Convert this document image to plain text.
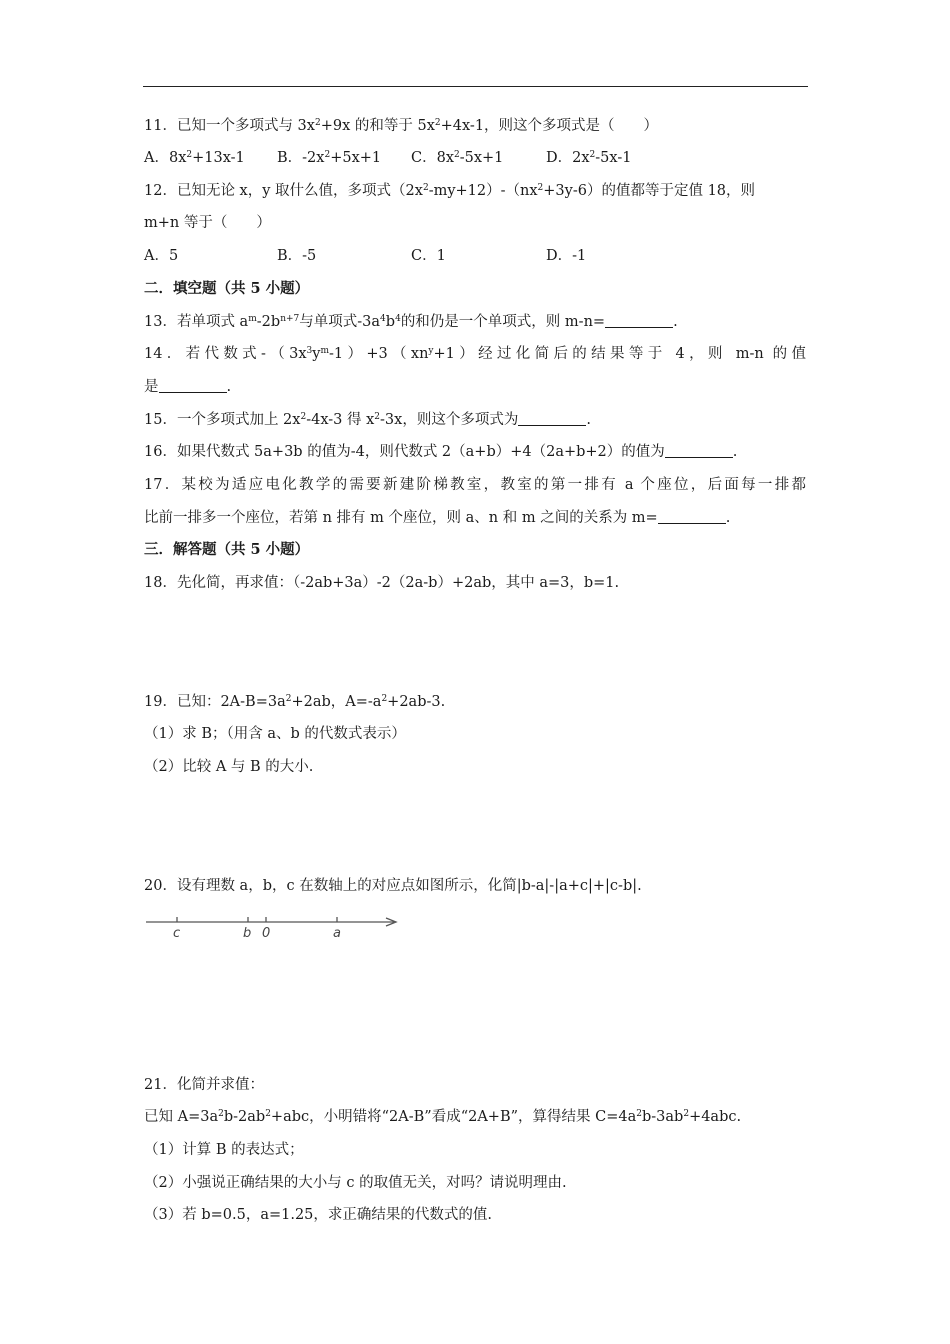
11．已知一个多项式与 $3x^2+9x$ 的和等于 $5x^2+4x-1$，则这个多项式是（　　）
A．$8x^2+13x-1$ B．$-2x^2+5x+1$ C．$8x^2-5x+1$	D．$2x^2-5x-1$
12．已知无论 x，y 取什么值，多项式$(2x^2-my+12)-(nx^2+3y-6)$的值都等于定值 18，则
m+n 等于（　　）
A．5	B．-5	C．1	D．-1
二．填空题（共 5 小题）
13．若单项式 $a^m-2b^{n+7}$与单项式$-3a^4b^4$的和仍是一个单项式，则 m-n=	.
14．若代数式$-(3x^3y^m-1)+3(xn^y+1)$经过化简后的结果等于 4，则 m-n 的值
是	.
15．一个多项式加上 $2x^2-4x-3$ 得 $x^2-3x$，则这个多项式为	.
16．如果代数式 5a+3b 的值为-4，则代数式 2（a+b）+4（2a+b+2）的值为	.
17．某校为适应电化教学的需要新建阶梯教室，教室的第一排有 a 个座位，后面每一排都
比前一排多一个座位，若第 n 排有 m 个座位，则 a、n 和 m 之间的关系为 m=	.
三．解答题（共 5 小题）
18．先化简，再求值：（-2ab+3a）-2（2a-b）+2ab，其中 a=3，b=1.
19．已知：$2A-B=3a^2+2ab$，$A=-a^2+2ab-3$.
（1）求 B；（用含 a、b 的代数式表示）
（2）比较 A 与 B 的大小.
20．设有理数 a，b，c 在数轴上的对应点如图所示，化简|b-a|-|a+c|+|c-b|.
c	b 0	a
21．化简并求值：
已知 $A=3a^2b-2ab^2+abc$，小明错将“2A-B”看成“2A+B”，算得结果 $C=4a^2b-3ab^2+4abc$.
（1）计算 B 的表达式；
（2）小强说正确结果的大小与 c 的取值无关，对吗？请说明理由.
（3）若 b=0.5，a=1.25，求正确结果的代数式的值.
